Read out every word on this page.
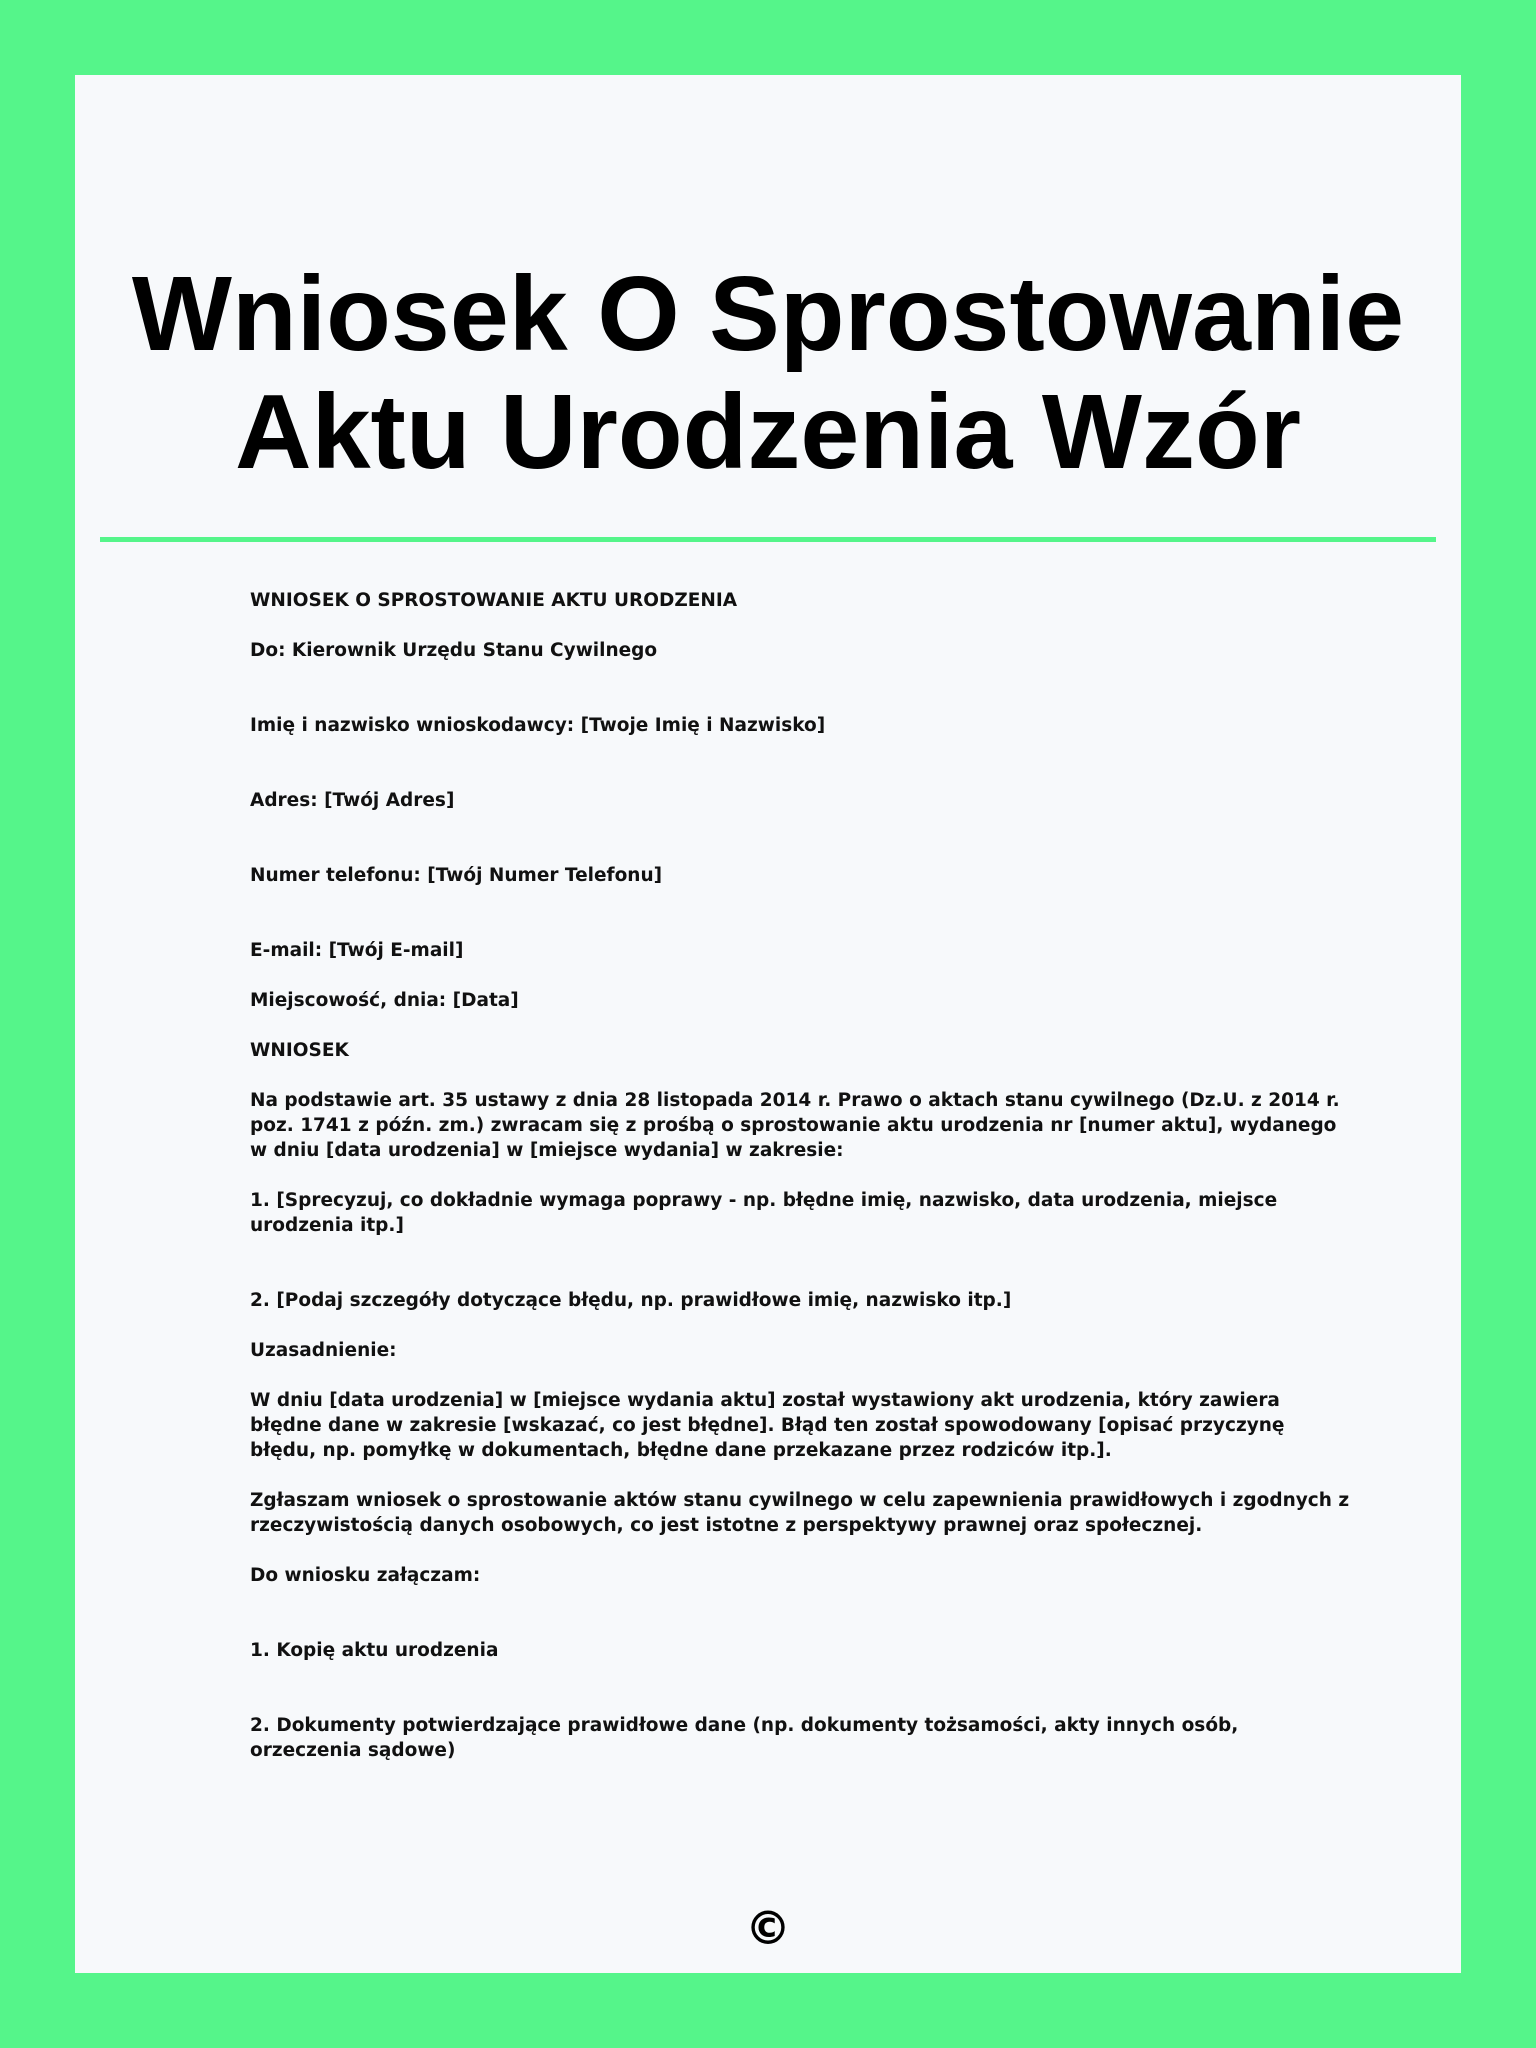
Wniosek O Sprostowanie
Aktu Urodzenia Wzór

WNIOSEK O SPROSTOWANIE AKTU URODZENIA

Do: Kierownik Urzędu Stanu Cywilnego

Imię i nazwisko wnioskodawcy: [Twoje Imię i Nazwisko]

Adres: [Twój Adres]

Numer telefonu: [Twój Numer Telefonu]

E-mail: [Twój E-mail]

Miejscowość, dnia: [Data]

WNIOSEK

Na podstawie art. 35 ustawy z dnia 28 listopada 2014 r. Prawo o aktach stanu cywilnego (Dz.U. z 2014 r. poz. 1741 z późn. zm.) zwracam się z prośbą o sprostowanie aktu urodzenia nr [numer aktu], wydanego w dniu [data urodzenia] w [miejsce wydania] w zakresie:

1. [Sprecyzuj, co dokładnie wymaga poprawy - np. błędne imię, nazwisko, data urodzenia, miejsce urodzenia itp.]

2. [Podaj szczegóły dotyczące błędu, np. prawidłowe imię, nazwisko itp.]

Uzasadnienie:

W dniu [data urodzenia] w [miejsce wydania aktu] został wystawiony akt urodzenia, który zawiera błędne dane w zakresie [wskazać, co jest błędne]. Błąd ten został spowodowany [opisać przyczynę błędu, np. pomyłkę w dokumentach, błędne dane przekazane przez rodziców itp.].

Zgłaszam wniosek o sprostowanie aktów stanu cywilnego w celu zapewnienia prawidłowych i zgodnych z rzeczywistością danych osobowych, co jest istotne z perspektywy prawnej oraz społecznej.

Do wniosku załączam:

1. Kopię aktu urodzenia

2. Dokumenty potwierdzające prawidłowe dane (np. dokumenty tożsamości, akty innych osób, orzeczenia sądowe)

©
